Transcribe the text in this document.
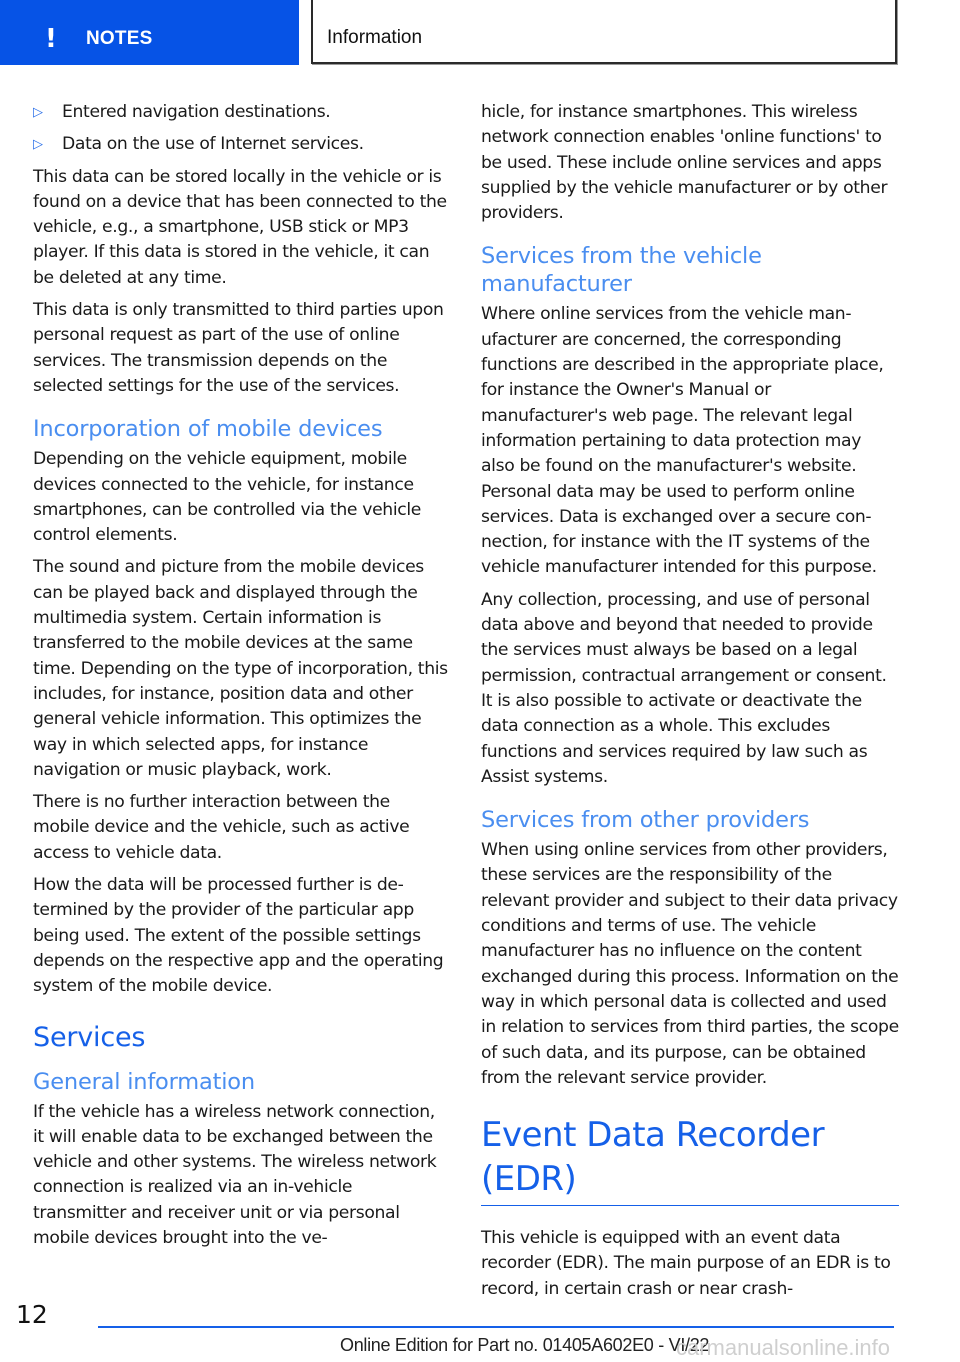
! NOTES	Information
▷	Entered navigation destinations.
▷	Data on the use of Internet services.

This data can be stored locally in the vehicle or is found on a device that has been connected to the vehicle, e.g., a smartphone, USB stick or MP3 player. If this data is stored in the vehicle, it can be deleted at any time.

This data is only transmitted to third parties upon personal request as part of the use of online services. The transmission depends on the selected settings for the use of the services.

Incorporation of mobile devices

Depending on the vehicle equipment, mobile devices connected to the vehicle, for instance smartphones, can be controlled via the vehicle control elements.

The sound and picture from the mobile devices can be played back and displayed through the multimedia system. Certain information is transferred to the mobile devices at the same time. Depending on the type of incorporation, this includes, for instance, position data and other general vehicle information. This optimizes the way in which selected apps, for instance navigation or music playback, work.

There is no further interaction between the mobile device and the vehicle, such as active access to vehicle data.

How the data will be processed further is determined by the provider of the particular app being used. The extent of the possible settings depends on the respective app and the operating system of the mobile device.

Services
General information

If the vehicle has a wireless network connection, it will enable data to be exchanged between the vehicle and other systems. The wireless network connection is realized via an in-vehicle transmitter and receiver unit or via personal mobile devices brought into the ve-

hicle, for instance smartphones. This wireless network connection enables 'online functions' to be used. These include online services and apps supplied by the vehicle manufacturer or by other providers.

Services from the vehicle manufacturer

Where online services from the vehicle manufacturer are concerned, the corresponding functions are described in the appropriate place, for instance the Owner's Manual or manufacturer's web page. The relevant legal information pertaining to data protection may also be found on the manufacturer's website. Personal data may be used to perform online services. Data is exchanged over a secure connection, for instance with the IT systems of the vehicle manufacturer intended for this purpose.

Any collection, processing, and use of personal data above and beyond that needed to provide the services must always be based on a legal permission, contractual arrangement or consent. It is also possible to activate or deactivate the data connection as a whole. This excludes functions and services required by law such as Assist systems.

Services from other providers

When using online services from other providers, these services are the responsibility of the relevant provider and subject to their data privacy conditions and terms of use. The vehicle manufacturer has no influence on the content exchanged during this process. Information on the way in which personal data is collected and used in relation to services from third parties, the scope of such data, and its purpose, can be obtained from the relevant service provider.

Event Data Recorder (EDR)

This vehicle is equipped with an event data recorder (EDR). The main purpose of an EDR is to record, in certain crash or near crash-

12
Online Edition for Part no. 01405A602E0 - VI/22
carmanualsonline.info
